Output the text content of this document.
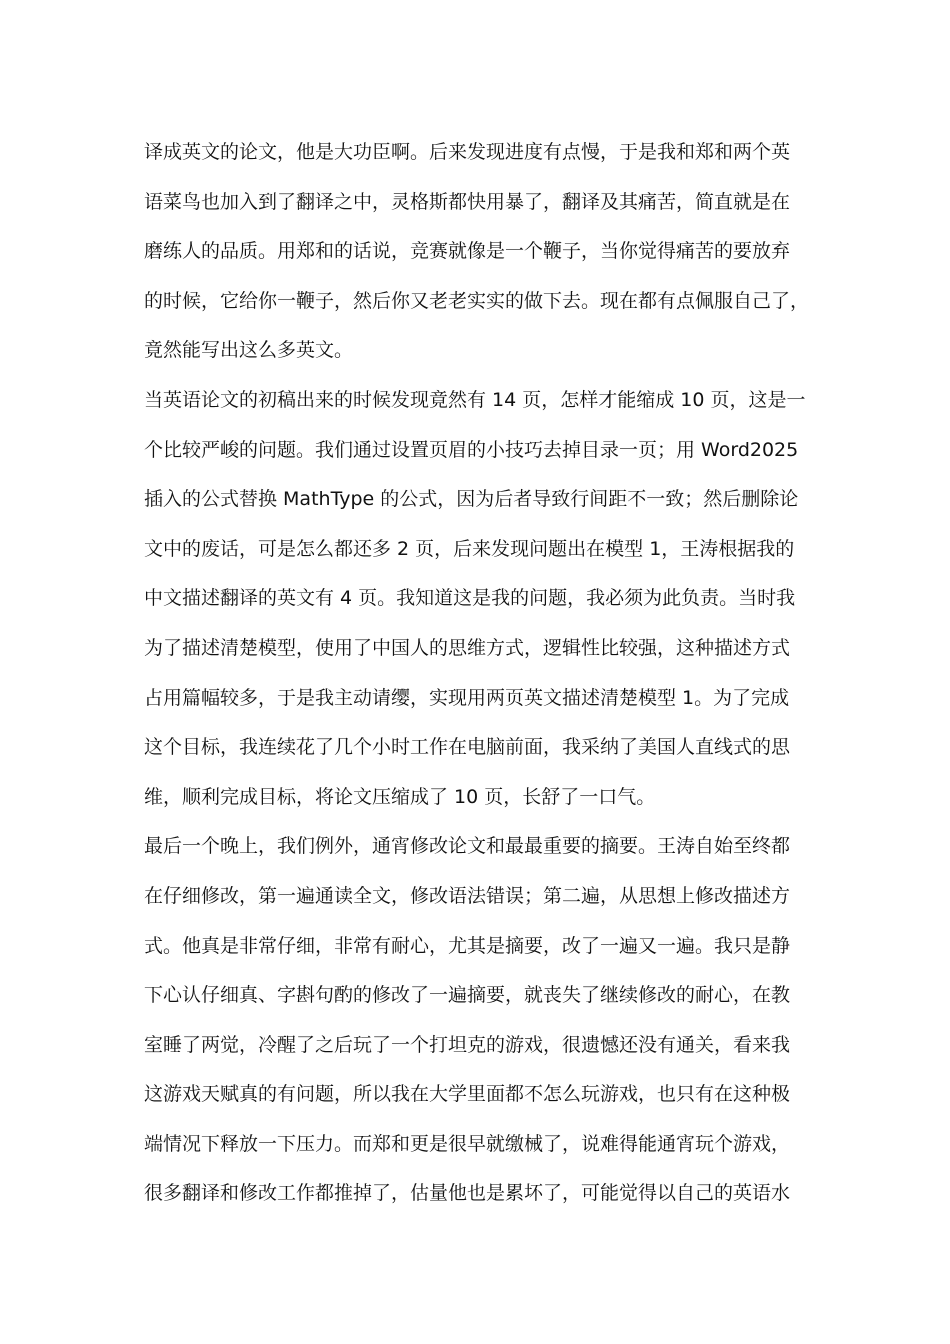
译成英文的论文，他是大功臣啊。后来发现进度有点慢，于是我和郑和两个英
语菜鸟也加入到了翻译之中，灵格斯都快用暴了，翻译及其痛苦，简直就是在
磨练人的品质。用郑和的话说，竞赛就像是一个鞭子，当你觉得痛苦的要放弃
的时候，它给你一鞭子，然后你又老老实实的做下去。现在都有点佩服自己了，
竟然能写出这么多英文。
当英语论文的初稿出来的时候发现竟然有 14 页，怎样才能缩成 10 页，这是一
个比较严峻的问题。我们通过设置页眉的小技巧去掉目录一页；用 Word2025
插入的公式替换 MathType 的公式，因为后者导致行间距不一致；然后删除论
文中的废话，可是怎么都还多 2 页，后来发现问题出在模型 1，王涛根据我的
中文描述翻译的英文有 4 页。我知道这是我的问题，我必须为此负责。当时我
为了描述清楚模型，使用了中国人的思维方式，逻辑性比较强，这种描述方式
占用篇幅较多，于是我主动请缨，实现用两页英文描述清楚模型 1。为了完成
这个目标，我连续花了几个小时工作在电脑前面，我采纳了美国人直线式的思
维，顺利完成目标，将论文压缩成了 10 页，长舒了一口气。
最后一个晚上，我们例外，通宵修改论文和最最重要的摘要。王涛自始至终都
在仔细修改，第一遍通读全文，修改语法错误；第二遍，从思想上修改描述方
式。他真是非常仔细，非常有耐心，尤其是摘要，改了一遍又一遍。我只是静
下心认仔细真、字斟句酌的修改了一遍摘要，就丧失了继续修改的耐心，在教
室睡了两觉，冷醒了之后玩了一个打坦克的游戏，很遗憾还没有通关，看来我
这游戏天赋真的有问题，所以我在大学里面都不怎么玩游戏，也只有在这种极
端情况下释放一下压力。而郑和更是很早就缴械了，说难得能通宵玩个游戏，
很多翻译和修改工作都推掉了，估量他也是累坏了，可能觉得以自己的英语水
